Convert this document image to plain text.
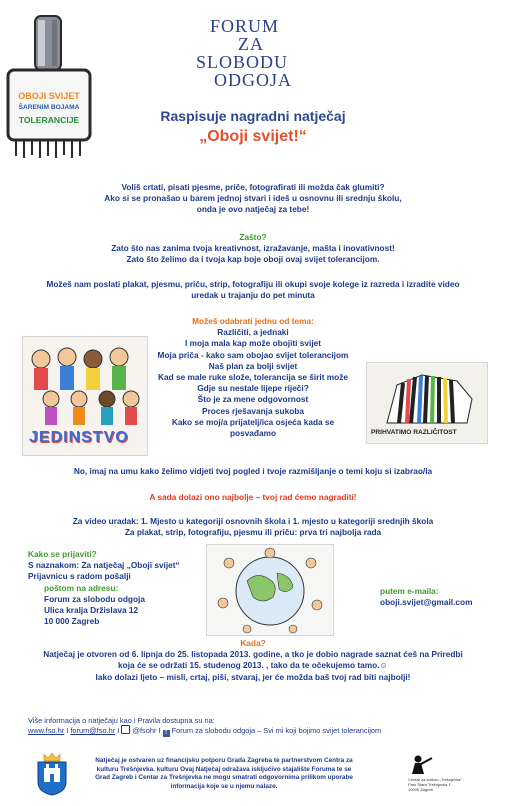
OBOJI SVIJET
ŠARENIM BOJAMA
TOLERANCIJE
FORUM
ZA
SLOBODU
ODGOJA
Raspisuje nagradni natječaj
„Oboji svijet!“
Voliš crtati, pisati pjesme, priče, fotografirati ili možda čak glumiti?
Ako si se pronašao u barem jednoj stvari i ideš u osnovnu ili srednju školu,
onda je ovo natječaj za tebe!
Zašto?
Zato što nas zanima tvoja kreativnost, izražavanje, mašta i inovativnost!
Zato što želimo da i tvoja kap boje oboji ovaj svijet tolerancijom.
Možeš nam poslati plakat, pjesmu, priču, strip, fotografiju ili okupi svoje kolege iz razreda i izradite video
uredak u trajanju do pet minuta
Možeš odabrati jednu od tema:
Različiti, a jednaki
I moja mala kap može obojiti svijet
Moja priča - kako sam obojao svijet tolerancijom
Naš plan za bolji svijet
Kad se male ruke slože, tolerancija se širit može
Gdje su nestale lijepe riječi?
Što je za mene odgovornost
Proces rješavanja sukoba
Kako se moj/a prijatelj/ica osjeća kada se
posvađamo
JEDINSTVO	PRIHVATIMO RAZLIČITOST
No, imaj na umu kako želimo vidjeti tvoj pogled i tvoje razmišljanje o temi koju si izabrao/la
A sada dolazi ono najbolje – tvoj rad ćemo nagraditi!
Za video uradak: 1. Mjesto u kategoriji osnovnih škola i 1. mjesto u kategoriji srednjih škola
Za plakat, strip, fotografiju, pjesmu ili priču: prva tri najbolja rada
Kako se prijaviti?
S naznakom: Za natječaj „Oboji svijet“
Prijavnicu s radom pošalji
poštom na adresu:
Forum za slobodu odgoja
Ulica kralja Držislava 12
10 000 Zagreb
putem e-maila:
oboji.svijet@gmail.com
Kada?
Natječaj je otvoren od 6. lipnja do 25. listopada 2013. godine, a tko je dobio nagrade saznat ćeš na Priredbi
koja će se održati 15. studenog 2013. , tako da te očekujemo tamo.☺
Iako dolazi ljeto – misli, crtaj, piši, stvaraj, jer će možda baš tvoj rad biti najbolji!
Više informacija o natječaju kao i Pravila dostupna su na:
www.fso.hr I forum@fso.hr I @fsohr I f Forum za slobodu odgoja – Svi mi koji bojimo svijet tolerancijom
Natječaj je ostvaren uz financijsku potporu Grada Zagreba te partnerstvom Centra za
kulturu Trešnjevka. kulturu Ovaj Natječaj odražava isključivo stajalište Foruma te se
Grad Zagreb i Centar za Trešnjevka ne mogu smatrati odgovornima prilikom uporabe
informacija koje se u njemu nalaze.
Centar za kulturu „Trešnjevka“
Park Stara Trešnjevka 1
10000 Zagreb
